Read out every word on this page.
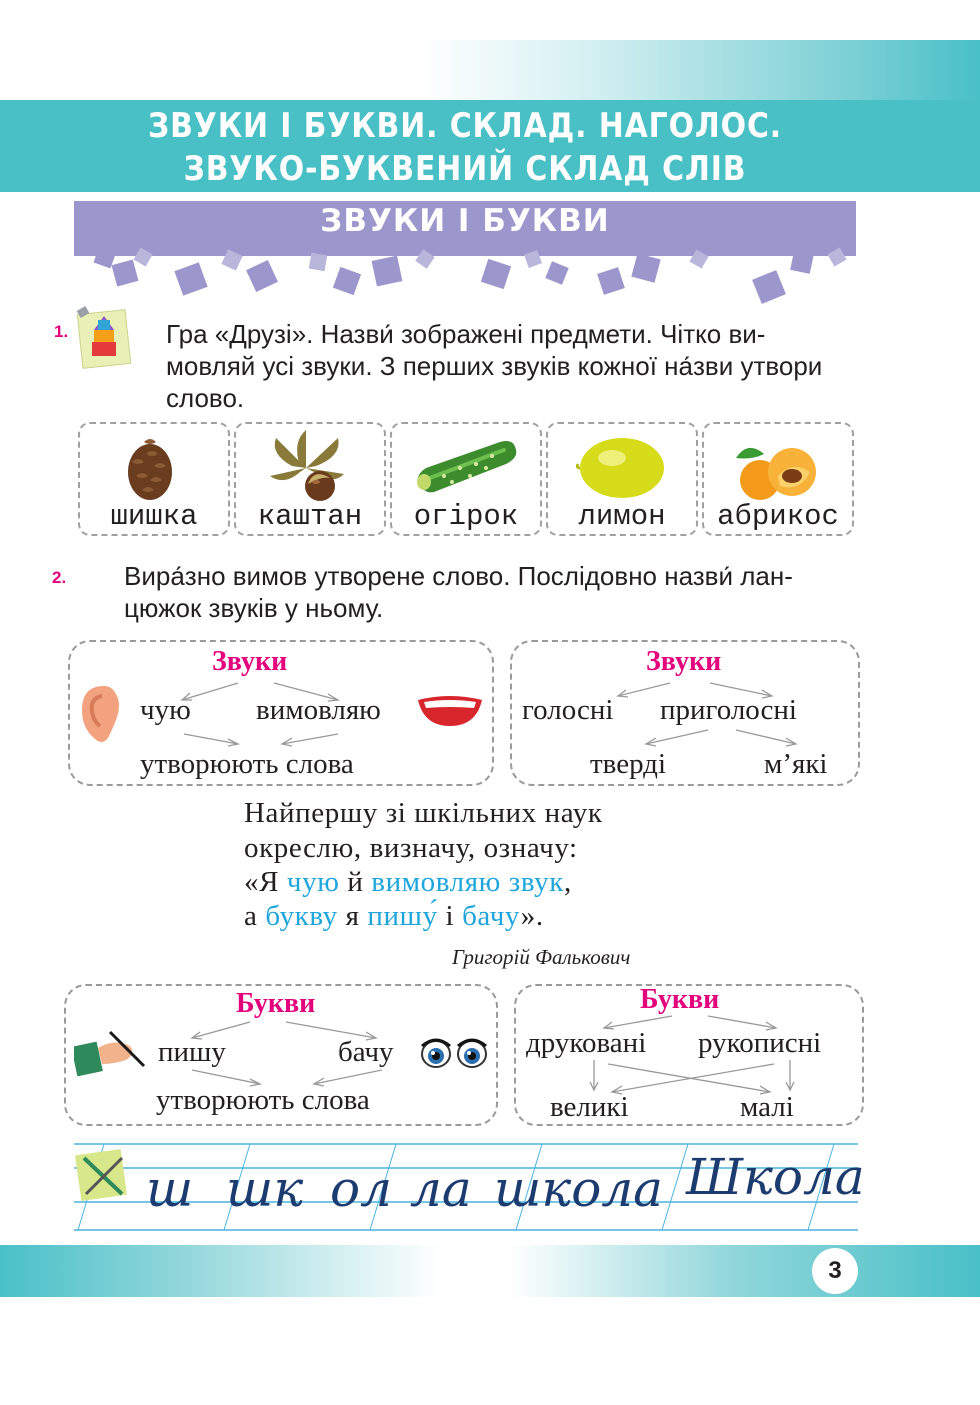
ЗВУКИ І БУКВИ. СКЛАД. НАГОЛОС.
ЗВУКО-БУКВЕНИЙ СКЛАД СЛІВ
ЗВУКИ І БУКВИ
1.	Гра «Друзі». Назви́ зображені предмети. Чітко ви-
мовляй усі звуки. З перших звуків кожної на́зви утвори
слово.
шишка	каштан	огірок	лимон	абрикос
2. Вира́зно вимов утворене слово. Послідовно назви́ лан-
цюжок звуків у ньому.
Звуки
чую вимовляю
утворюють слова
Звуки
голосні приголосні
тверді	м’які
Найпершу зі шкільних наук
окреслю, визначу, означу:
«Я чую й вимовляю звук,
а букву я пишу́ і бачу».
Григорій Фалькович
Букви
пишу	бачу
утворюють слова
Букви
друковані рукописні
великі	малі
ш шк ол ла школа Школа
3
